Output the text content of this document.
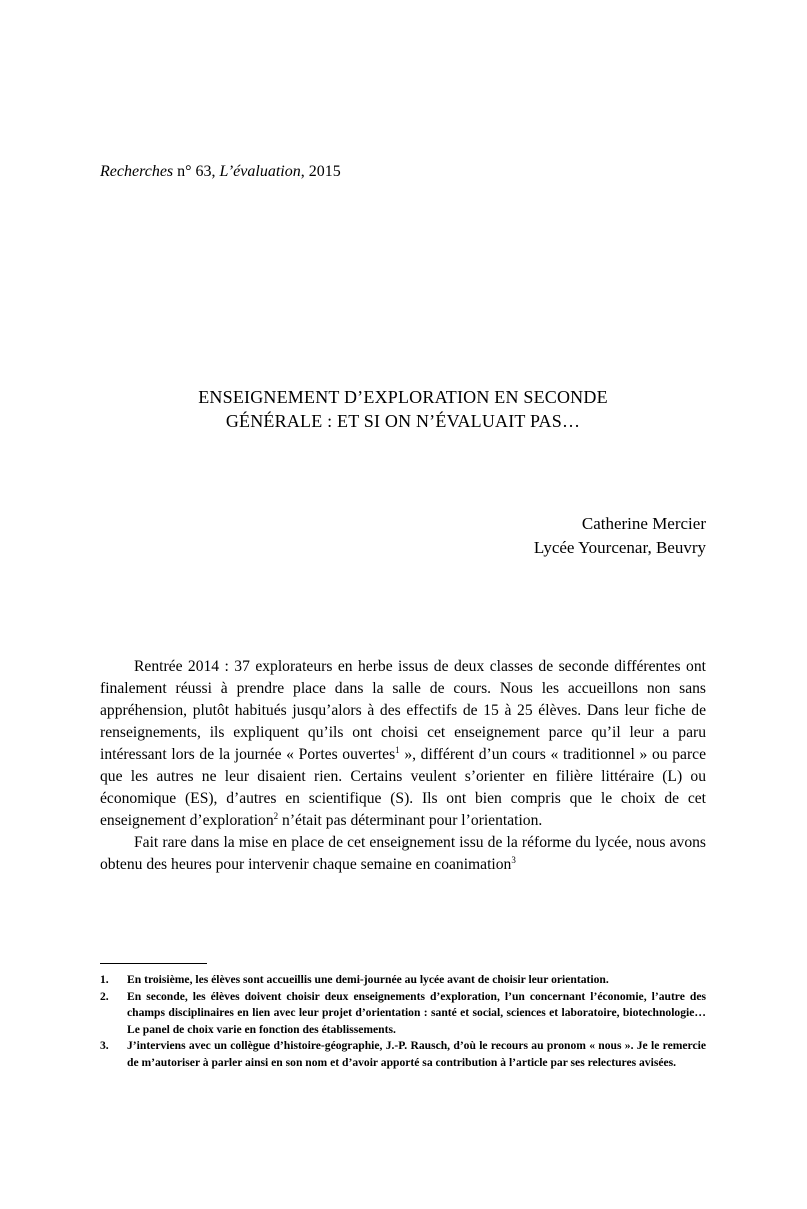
Recherches n° 63, L’évaluation, 2015
ENSEIGNEMENT D’EXPLORATION EN SECONDE
GÉNÉRALE : ET SI ON N’ÉVALUAIT PAS…
Catherine Mercier
Lycée Yourcenar, Beuvry

Rentrée 2014 : 37 explorateurs en herbe issus de deux classes de seconde différentes ont finalement réussi à prendre place dans la salle de cours. Nous les accueillons non sans appréhension, plutôt habitués jusqu’alors à des effectifs de 15 à 25 élèves. Dans leur fiche de renseignements, ils expliquent qu’ils ont choisi cet enseignement parce qu’il leur a paru intéressant lors de la journée « Portes ouvertes$^1$ », différent d’un cours « traditionnel » ou parce que les autres ne leur disaient rien. Certains veulent s’orienter en filière littéraire (L) ou économique (ES), d’autres en scientifique (S). Ils ont bien compris que le choix de cet enseignement d’exploration$^2$ n’était pas déterminant pour l’orientation.

Fait rare dans la mise en place de cet enseignement issu de la réforme du lycée, nous avons obtenu des heures pour intervenir chaque semaine en coanimation$^3$

1. En troisième, les élèves sont accueillis une demi-journée au lycée avant de choisir leur orientation.

2. En seconde, les élèves doivent choisir deux enseignements d’exploration, l’un concernant l’économie, l’autre des champs disciplinaires en lien avec leur projet d’orientation : santé et social, sciences et laboratoire, biotechnologie… Le panel de choix varie en fonction des établissements.

3. J’interviens avec un collègue d’histoire-géographie, J.-P. Rausch, d’où le recours au pronom « nous ». Je le remercie de m’autoriser à parler ainsi en son nom et d’avoir apporté sa contribution à l’article par ses relectures avisées.
